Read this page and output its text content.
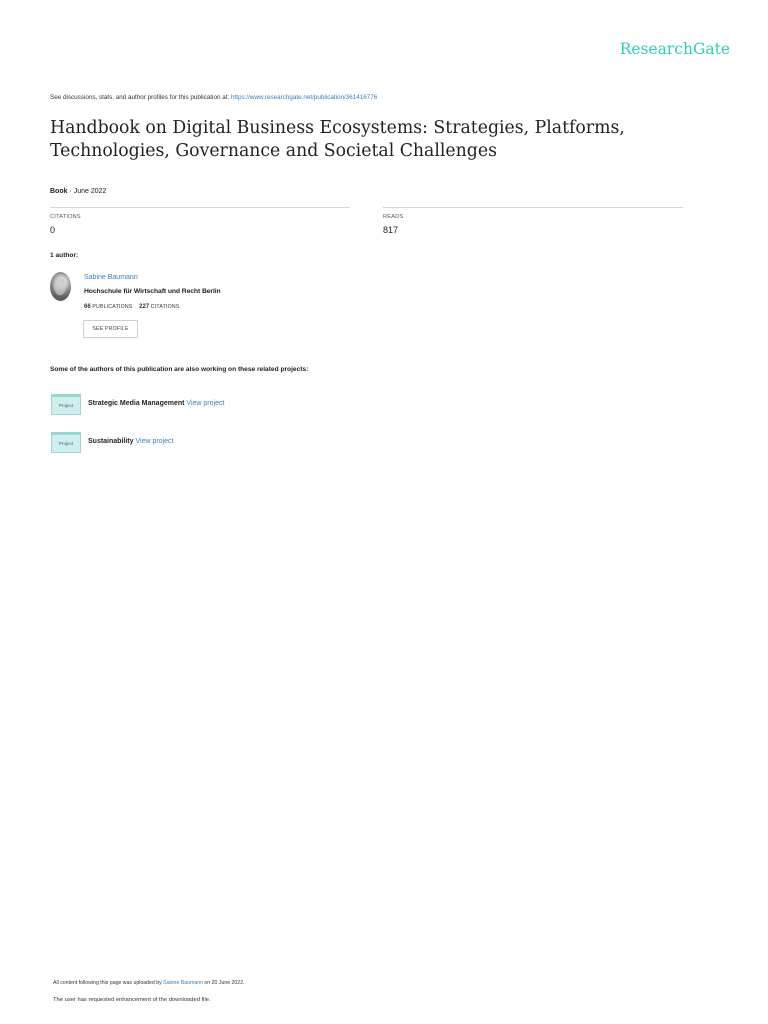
ResearchGate
See discussions, stats, and author profiles for this publication at: https://www.researchgate.net/publication/361416776
Handbook on Digital Business Ecosystems: Strategies, Platforms, Technologies, Governance and Societal Challenges
Book · June 2022
CITATIONS
0
READS
817
1 author:
Sabine Baumann
Hochschule für Wirtschaft und Recht Berlin
66 PUBLICATIONS 227 CITATIONS
SEE PROFILE
Some of the authors of this publication are also working on these related projects:
Project	Strategic Media Management View project
Project	Sustainability View project
All content following this page was uploaded by Sabine Baumann on 20 June 2022.
The user has requested enhancement of the downloaded file.
